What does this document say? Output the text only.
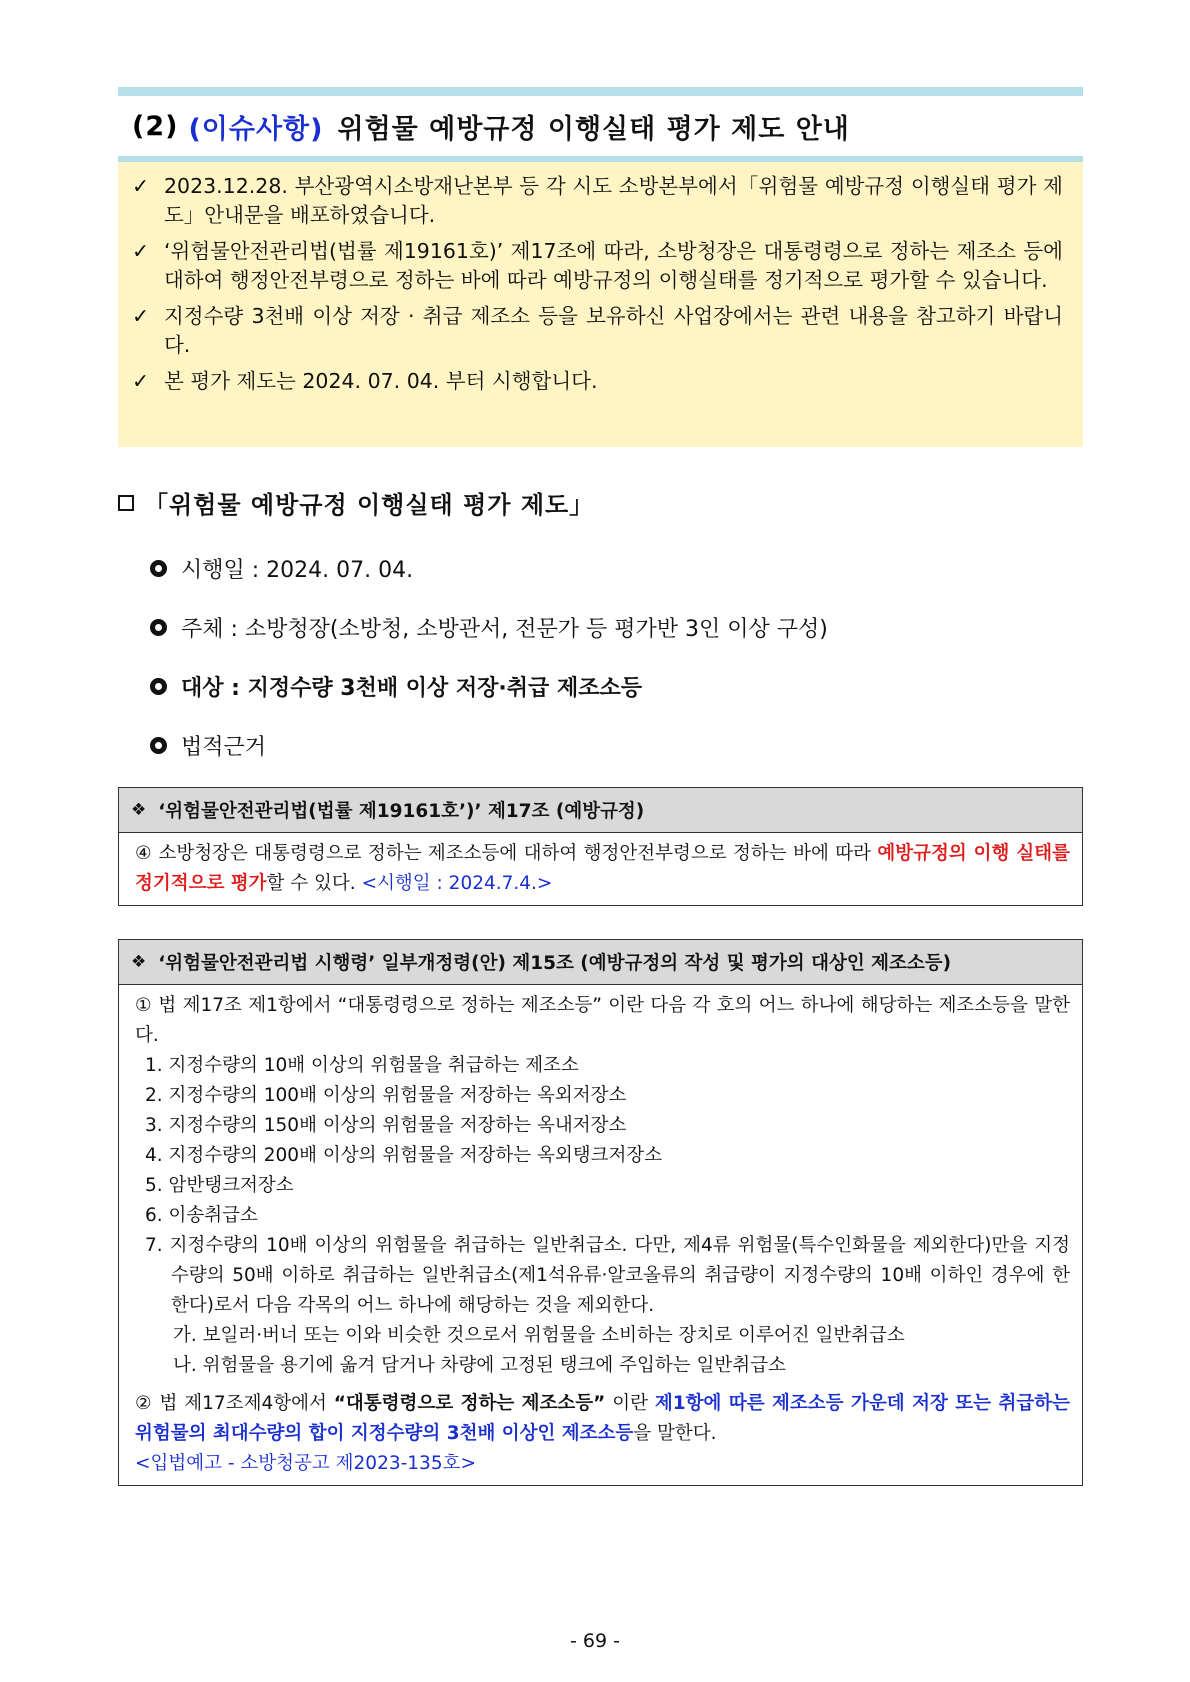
(2) (이슈사항) 위험물 예방규정 이행실태 평가 제도 안내
✓ 2023.12.28. 부산광역시소방재난본부 등 각 시도 소방본부에서「위험물 예방규정 이행실태 평가 제도」안내문을 배포하였습니다.
✓ ‘위험물안전관리법(법률 제19161호)’ 제17조에 따라, 소방청장은 대통령령으로 정하는 제조소 등에 대하여 행정안전부령으로 정하는 바에 따라 예방규정의 이행실태를 정기적으로 평가할 수 있습니다.
✓ 지정수량 3천배 이상 저장 · 취급 제조소 등을 보유하신 사업장에서는 관련 내용을 참고하기 바랍니다.
✓ 본 평가 제도는 2024. 07. 04. 부터 시행합니다.
「위험물 예방규정 이행실태 평가 제도」
시행일 : 2024. 07. 04.
주체 : 소방청장(소방청, 소방관서, 전문가 등 평가반 3인 이상 구성)
대상 : 지정수량 3천배 이상 저장·취급 제조소등
법적근거
❖ ‘위험물안전관리법(법률 제19161호’)’ 제17조 (예방규정)
④ 소방청장은 대통령령으로 정하는 제조소등에 대하여 행정안전부령으로 정하는 바에 따라 예방규정의 이행 실태를 정기적으로 평가할 수 있다. <시행일 : 2024.7.4.>
❖ ‘위험물안전관리법 시행령’ 일부개정령(안) 제15조 (예방규정의 작성 및 평가의 대상인 제조소등)
① 법 제17조 제1항에서 “대통령령으로 정하는 제조소등” 이란 다음 각 호의 어느 하나에 해당하는 제조소등을 말한다.
1. 지정수량의 10배 이상의 위험물을 취급하는 제조소
2. 지정수량의 100배 이상의 위험물을 저장하는 옥외저장소
3. 지정수량의 150배 이상의 위험물을 저장하는 옥내저장소
4. 지정수량의 200배 이상의 위험물을 저장하는 옥외탱크저장소
5. 암반탱크저장소
6. 이송취급소
7. 지정수량의 10배 이상의 위험물을 취급하는 일반취급소. 다만, 제4류 위험물(특수인화물을 제외한다)만을 지정수량의 50배 이하로 취급하는 일반취급소(제1석유류·알코올류의 취급량이 지정수량의 10배 이하인 경우에 한한다)로서 다음 각목의 어느 하나에 해당하는 것을 제외한다.
가. 보일러·버너 또는 이와 비슷한 것으로서 위험물을 소비하는 장치로 이루어진 일반취급소
나. 위험물을 용기에 옮겨 담거나 차량에 고정된 탱크에 주입하는 일반취급소
② 법 제17조제4항에서 “대통령령으로 정하는 제조소등” 이란 제1항에 따른 제조소등 가운데 저장 또는 취급하는 위험물의 최대수량의 합이 지정수량의 3천배 이상인 제조소등을 말한다.
<입법예고 - 소방청공고 제2023-135호>
- 69 -
